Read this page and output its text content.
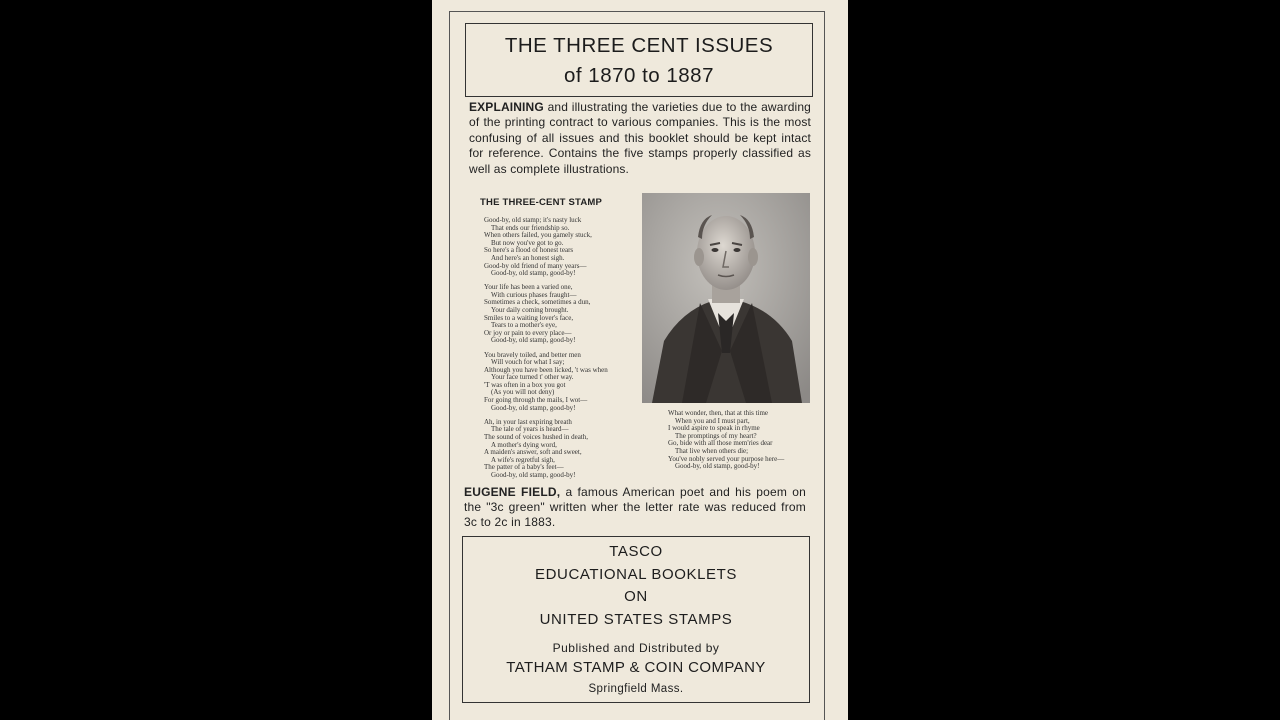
THE THREE CENT ISSUES
of 1870 to 1887
EXPLAINING and illustrating the varieties due to the awarding of the printing contract to various companies. This is the most confusing of all issues and this booklet should be kept intact for reference. Contains the five stamps properly classified as well as complete illustrations.
THE THREE-CENT STAMP
Good-by, old stamp; it's nasty luck
That ends our friendship so.
When others failed, you gamely stuck,
But now you've got to go.
So here's a flood of honest tears
And here's an honest sigh.
Good-by old friend of many years—
Good-by, old stamp, good-by!
Your life has been a varied one,
With curious phases fraught—
Sometimes a check, sometimes a dun,
Your daily coming brought.
Smiles to a waiting lover's face,
Tears to a mother's eye,
Or joy or pain to every place—
Good-by, old stamp, good-by!
You bravely toiled, and better men
Will vouch for what I say;
Although you have been licked, 't was when
Your face turned t' other way.
'T was often in a box you got
(As you will not deny)
For going through the mails, I wot—
Good-by, old stamp, good-by!
Ah, in your last expiring breath
The tale of years is heard—
The sound of voices hushed in death,
A mother's dying word,
A maiden's answer, soft and sweet,
A wife's regretful sigh,
The patter of a baby's feet—
Good-by, old stamp, good-by!
What wonder, then, that at this time
When you and I must part,
I would aspire to speak in rhyme
The promptings of my heart?
Go, bide with all those mem'ries dear
That live when others die;
You've nobly served your purpose here—
Good-by, old stamp, good-by!
EUGENE FIELD, a famous American poet and his poem on the "3c green" written wher the letter rate was reduced from 3c to 2c in 1883.
TASCO
EDUCATIONAL BOOKLETS
ON
UNITED STATES STAMPS
Published and Distributed by
TATHAM STAMP & COIN COMPANY
Springfield Mass.
